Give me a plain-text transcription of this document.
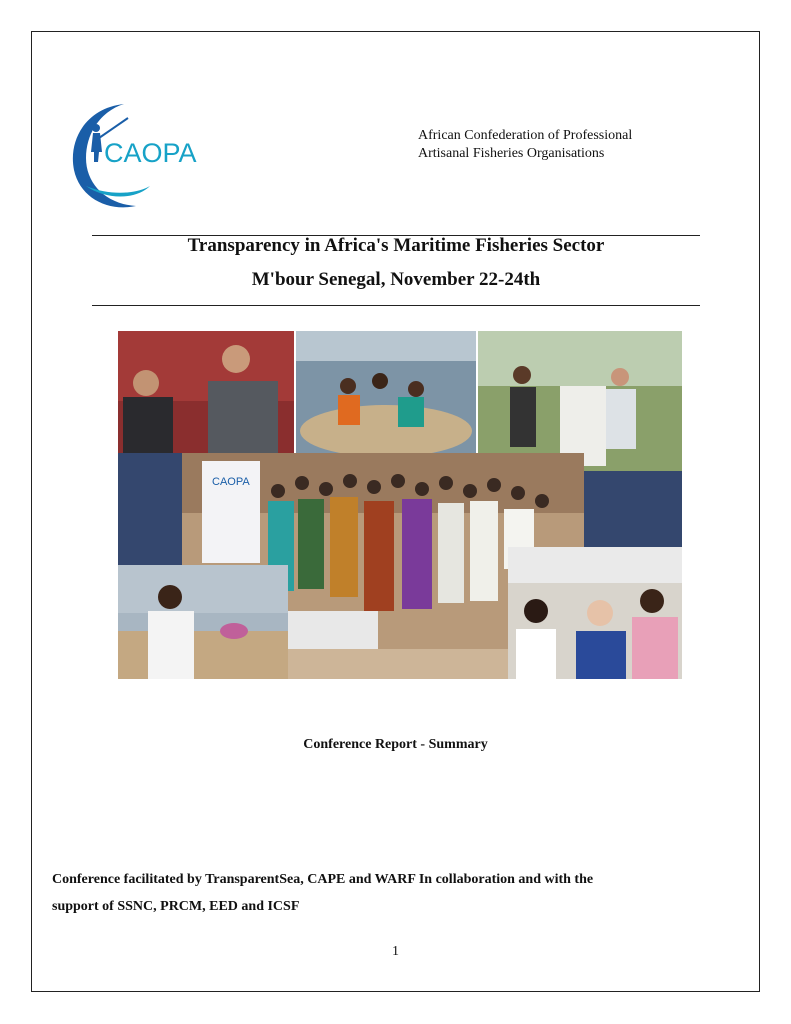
CAOPA
African Confederation of Professional
Artisanal Fisheries Organisations
Transparency in Africa's Maritime Fisheries Sector
M'bour Senegal, November 22-24th
CAOPA
Conference Report - Summary
Conference facilitated by TransparentSea, CAPE and WARF In collaboration and with the
support of SSNC, PRCM, EED and ICSF
1
